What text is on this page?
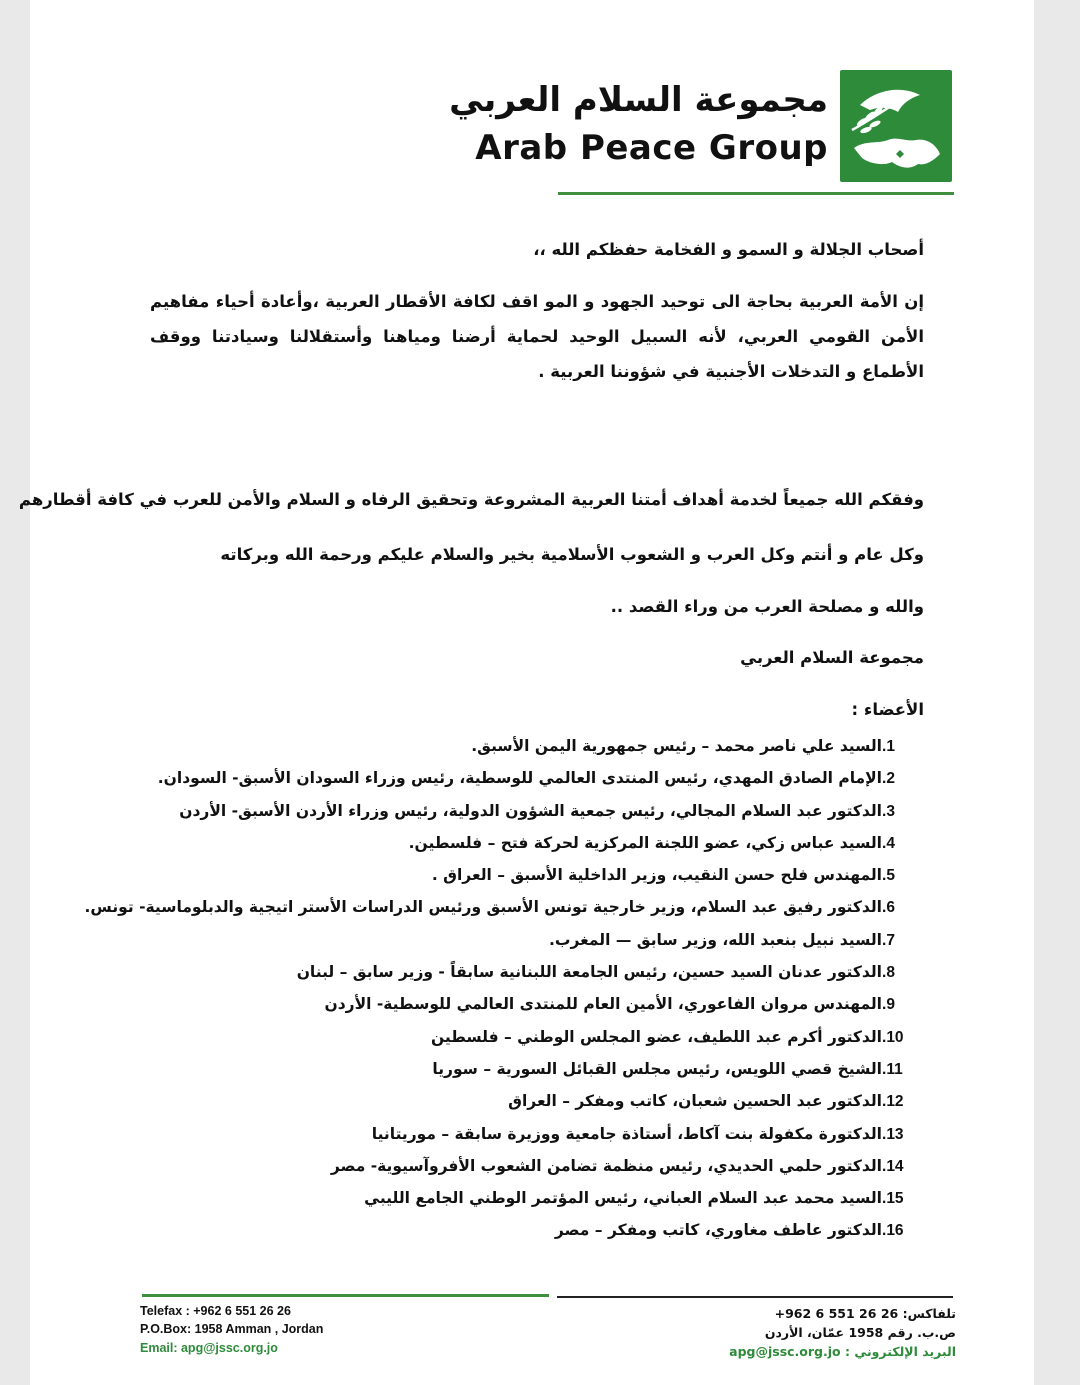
مجموعة السلام العربي
Arab Peace Group
أصحاب الجلالة و السمو و الفخامة حفظكم الله ،،
إن الأمة العربية بحاجة الى توحيد الجهود و المو اقف لكافة الأقطار العربية ،وأعادة أحياء مفاهيم الأمن القومي العربي، لأنه السبيل الوحيد لحماية أرضنا ومياهنا وأستقلالنا وسيادتنا ووقف الأطماع و التدخلات الأجنبية في شؤوننا العربية .
وفقكم الله جميعاً لخدمة أهداف أمتنا العربية المشروعة وتحقيق الرفاه و السلام والأمن للعرب في كافة أقطارهم
وكل عام و أنتم وكل العرب و الشعوب الأسلامية بخير والسلام عليكم ورحمة الله وبركاته
والله و مصلحة العرب من وراء القصد ..
مجموعة السلام العربي
الأعضاء :
1.السيد علي ناصر محمد – رئيس جمهورية اليمن الأسبق.
2.الإمام الصادق المهدي، رئيس المنتدى العالمي للوسطية، رئيس وزراء السودان الأسبق- السودان.
3.الدكتور عبد السلام المجالي، رئيس جمعية الشؤون الدولية، رئيس وزراء الأردن الأسبق- الأردن
4.السيد عباس زكي، عضو اللجنة المركزية لحركة فتح – فلسطين.
5.المهندس فلح حسن النقيب، وزير الداخلية الأسبق – العراق .
6.الدكتور رفيق عبد السلام، وزير خارجية تونس الأسبق ورئيس الدراسات الأستر اتيجية والدبلوماسية- تونس.
7.السيد نبيل بنعبد الله، وزير سابق — المغرب.
8.الدكتور عدنان السيد حسين، رئيس الجامعة اللبنانية سابقاً - وزير سابق – لبنان
9.المهندس مروان الفاعوري، الأمين العام للمنتدى العالمي للوسطية- الأردن
10.الدكتور أكرم عبد اللطيف، عضو المجلس الوطني – فلسطين
11.الشيخ قصي اللويس، رئيس مجلس القبائل السورية – سوريا
12.الدكتور عبد الحسين شعبان، كاتب ومفكر – العراق
13.الدكتورة مكفولة بنت آكاط، أستاذة جامعية ووزيرة سابقة – موريتانيا
14.الدكتور حلمي الحديدي، رئيس منظمة تضامن الشعوب الأفروآسيوية- مصر
15.السيد محمد عبد السلام العباني، رئيس المؤتمر الوطني الجامع الليبي
16.الدكتور عاطف مغاوري، كاتب ومفكر – مصر
Telefax : +962 6 551 26 26
P.O.Box: 1958 Amman , Jordan
Email: apg@jssc.org.jo
تلفاكس: 26 26 551 6 962+
ص.ب. رقم 1958 عمّان، الأردن
البريد الإلكتروني : apg@jssc.org.jo
